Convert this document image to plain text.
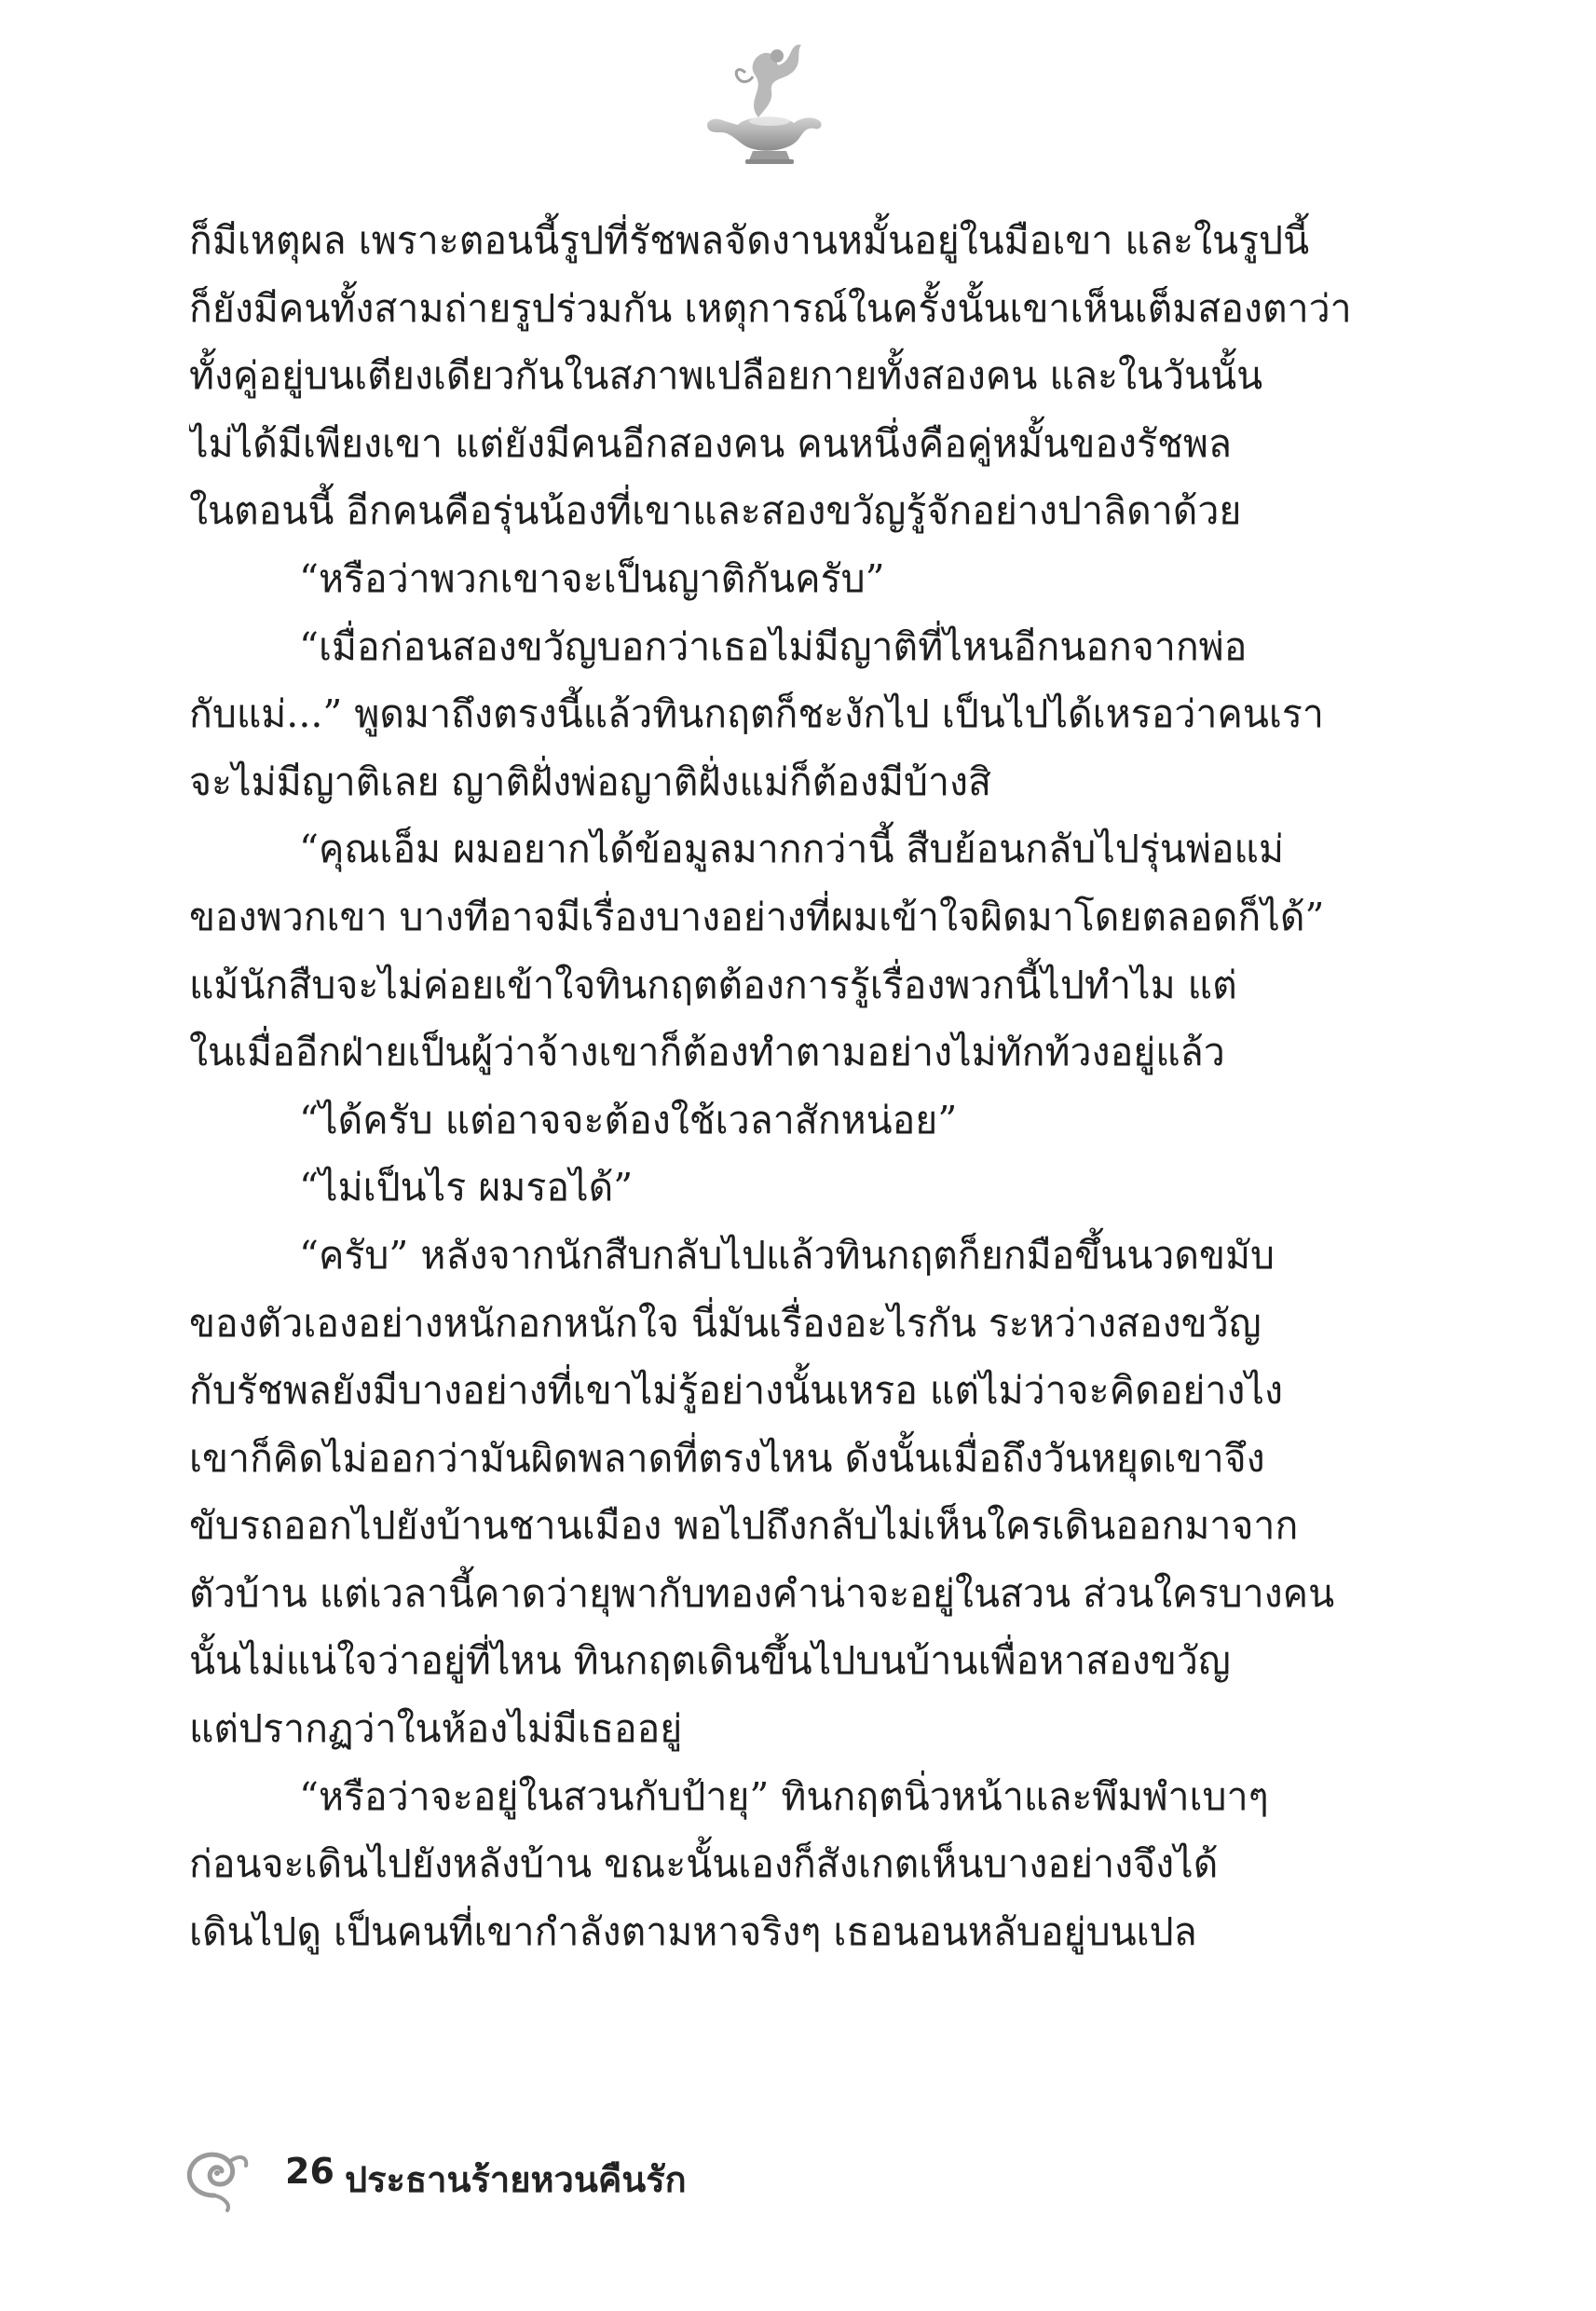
ก็มีเหตุผล เพราะตอนนี้รูปที่รัชพลจัดงานหมั้นอยู่ในมือเขา และในรูปนี้
ก็ยังมีคนทั้งสามถ่ายรูปร่วมกัน เหตุการณ์ในครั้งนั้นเขาเห็นเต็มสองตาว่า
ทั้งคู่อยู่บนเตียงเดียวกันในสภาพเปลือยกายทั้งสองคน และในวันนั้น
ไม่ได้มีเพียงเขา แต่ยังมีคนอีกสองคน คนหนึ่งคือคู่หมั้นของรัชพล
ในตอนนี้ อีกคนคือรุ่นน้องที่เขาและสองขวัญรู้จักอย่างปาลิดาด้วย
“หรือว่าพวกเขาจะเป็นญาติกันครับ”
“เมื่อก่อนสองขวัญบอกว่าเธอไม่มีญาติที่ไหนอีกนอกจากพ่อ
กับแม่...” พูดมาถึงตรงนี้แล้วทินกฤตก็ชะงักไป เป็นไปได้เหรอว่าคนเรา
จะไม่มีญาติเลย ญาติฝั่งพ่อญาติฝั่งแม่ก็ต้องมีบ้างสิ
“คุณเอ็ม ผมอยากได้ข้อมูลมากกว่านี้ สืบย้อนกลับไปรุ่นพ่อแม่
ของพวกเขา บางทีอาจมีเรื่องบางอย่างที่ผมเข้าใจผิดมาโดยตลอดก็ได้”
แม้นักสืบจะไม่ค่อยเข้าใจทินกฤตต้องการรู้เรื่องพวกนี้ไปทำไม แต่
ในเมื่ออีกฝ่ายเป็นผู้ว่าจ้างเขาก็ต้องทำตามอย่างไม่ทักท้วงอยู่แล้ว
“ได้ครับ แต่อาจจะต้องใช้เวลาสักหน่อย”
“ไม่เป็นไร ผมรอได้”
“ครับ” หลังจากนักสืบกลับไปแล้วทินกฤตก็ยกมือขึ้นนวดขมับ
ของตัวเองอย่างหนักอกหนักใจ นี่มันเรื่องอะไรกัน ระหว่างสองขวัญ
กับรัชพลยังมีบางอย่างที่เขาไม่รู้อย่างนั้นเหรอ แต่ไม่ว่าจะคิดอย่างไง
เขาก็คิดไม่ออกว่ามันผิดพลาดที่ตรงไหน ดังนั้นเมื่อถึงวันหยุดเขาจึง
ขับรถออกไปยังบ้านชานเมือง พอไปถึงกลับไม่เห็นใครเดินออกมาจาก
ตัวบ้าน แต่เวลานี้คาดว่ายุพากับทองคำน่าจะอยู่ในสวน ส่วนใครบางคน
นั้นไม่แน่ใจว่าอยู่ที่ไหน ทินกฤตเดินขึ้นไปบนบ้านเพื่อหาสองขวัญ
แต่ปรากฏว่าในห้องไม่มีเธออยู่
“หรือว่าจะอยู่ในสวนกับป้ายุ” ทินกฤตนิ่วหน้าและพึมพำเบาๆ
ก่อนจะเดินไปยังหลังบ้าน ขณะนั้นเองก็สังเกตเห็นบางอย่างจึงได้
เดินไปดู เป็นคนที่เขากำลังตามหาจริงๆ เธอนอนหลับอยู่บนเปล
26 ประธานร้ายหวนคืนรัก
